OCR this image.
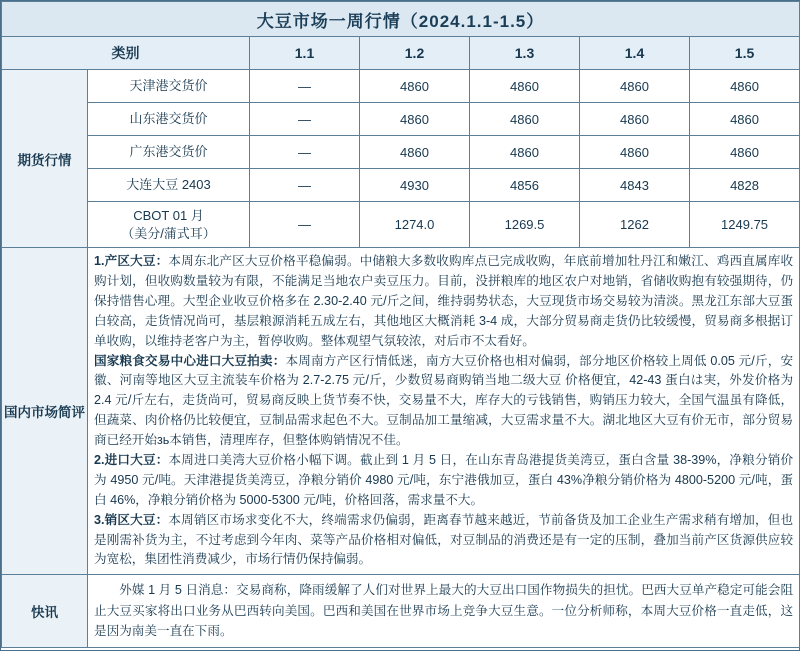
大豆市场一周行情（2024.1.1-1.5）						
类别		1.1	1.2	1.3	1.4	1.5
期货行情	天津港交货价	—	4860	4860	4860	4860
	山东港交货价	—	4860	4860	4860	4860
	广东港交货价	—	4860	4860	4860	4860
	大连大豆 2403	—	4930	4856	4843	4828

	CBOT 01 月
（美分/蒲式耳）	—	1274.0	1269.5	1262	1249.75
国内市场简评	1.产区大豆：本周东北产区大豆价格平稳偏弱。中储粮大多数收购库点已完成收购，年底前增加牡丹江和嫩江、鸡西直属库收购计划，但收购数量较为有限，不能满足当地农户卖豆压力。目前，没拼粮库的地区农户对地销，省储收购抱有较强期待，仍保持惜售心理。大型企业收豆价格多在 2.30-2.40 元/斤之间，维持弱势状态，大豆现货市场交易较为清淡。黑龙江东部大豆蛋白较高，走货情况尚可，基层粮源消耗五成左右，其他地区大概消耗 3-4 成，大部分贸易商走货仍比较缓慢，贸易商多根据订单收购，以维持老客户为主，暂停收购。整体观望气氛较浓，对后市不太看好。

国家粮食交易中心进口大豆拍卖：本周南方产区行情低迷，南方大豆价格也相对偏弱，部分地区价格较上周低 0.05 元/斤，安徽、河南等地区大豆主流装车价格为 2.7-2.75 元/斤，少数贸易商购销当地二级大豆 价格便宜，42-43 蛋白は実，外发价格为 2.4 元/斤左右，走货尚可，贸易商反映上货节奏不快，交易量不大，库存大的亏钱销售，购销压力较大，全国气温虽有降低，但蔬菜、肉价格仍比较便宜，豆制品需求起色不大。豆制品加工量缩减，大豆需求量不大。湖北地区大豆有价无市，部分贸易商已经开始зь本销售，清理库存，但整体购销情况不佳。

2.进口大豆：本周进口美湾大豆价格小幅下调。截止到 1 月 5 日，在山东青岛港提货美湾豆，蛋白含量 38-39%，净粮分销价为 4950 元/吨。天津港提货美湾豆，净粮分销价 4980 元/吨，东宁港俄加豆，蛋白 43%净粮分销价格为 4800-5200 元/吨，蛋白 46%，净粮分销价格为 5000-5300 元/吨，价格回落，需求量不大。

3.销区大豆：本周销区市场求变化不大，终端需求仍偏弱，距离春节越来越近，节前备货及加工企业生产需求稍有增加，但也是刚需补货为主，不过考虑到今年肉、菜等产品价格相对偏低，对豆制品的消费还是有一定的压制，叠加当前产区货源供应较为宽松，集团性消费减少，市场行情仍保持偏弱。					

快讯	外媒 1 月 5 日消息：交易商称，降雨缓解了人们对世界上最大的大豆出口国作物损失的担忧。巴西大豆单产稳定可能会阻止大豆买家将出口业务从巴西转向美国。巴西和美国在世界市场上竞争大豆生意。一位分析师称，本周大豆价格一直走低，这是因为南美一直在下雨。					
